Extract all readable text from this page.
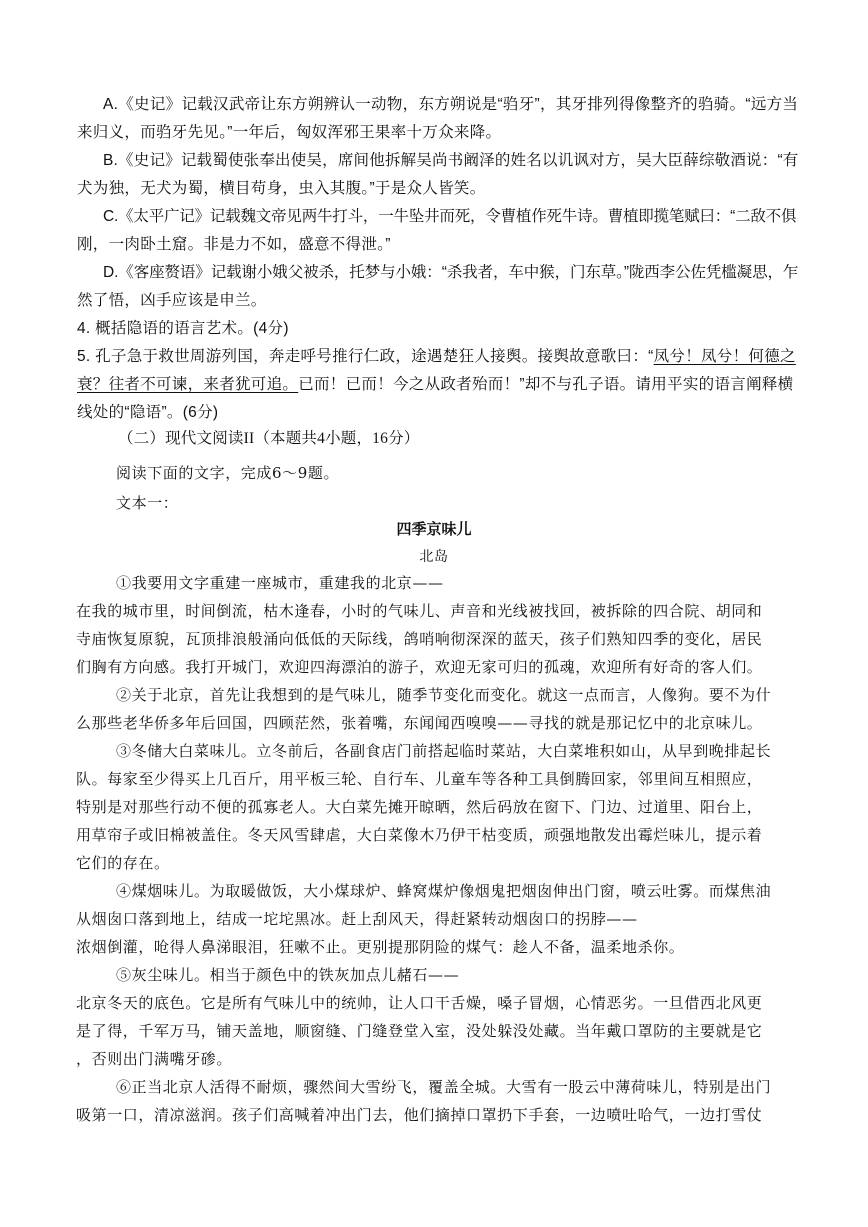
A.《史记》记载汉武帝让东方朔辨认一动物，东方朔说是“驺牙”，其牙排列得像整齐的驺骑。“远方当
来归义，而驺牙先见。”一年后，匈奴浑邪王果率十万众来降。
B.《史记》记载蜀使张奉出使吴，席间他拆解吴尚书阚泽的姓名以讥讽对方，吴大臣薛综敬酒说：“有
犬为独，无犬为蜀，横目苟身，虫入其腹。”于是众人皆笑。
C.《太平广记》记载魏文帝见两牛打斗，一牛坠井而死，令曹植作死牛诗。曹植即揽笔赋曰：“二敌不俱
刚，一肉卧土窟。非是力不如，盛意不得泄。”
D.《客座赘语》记载谢小娥父被杀，托梦与小娥：“杀我者，车中猴，门东草。”陇西李公佐凭槛凝思，乍
然了悟，凶手应该是申兰。
4. 概括隐语的语言艺术。(4分)
5. 孔子急于救世周游列国，奔走呼号推行仁政，途遇楚狂人接舆。接舆故意歌曰：“凤兮！凤兮！何德之
衰？往者不可谏，来者犹可追。已而！已而！今之从政者殆而！”却不与孔子语。请用平实的语言阐释横
线处的“隐语”。(6分)
（二）现代文阅读II（本题共4小题，16分）
阅读下面的文字，完成6～9题。
文本一：
四季京味儿
北岛
①我要用文字重建一座城市，重建我的北京——
在我的城市里，时间倒流，枯木逢春，小时的气味儿、声音和光线被找回，被拆除的四合院、胡同和
寺庙恢复原貌，瓦顶排浪般涌向低低的天际线，鸽哨响彻深深的蓝天，孩子们熟知四季的变化，居民
们胸有方向感。我打开城门，欢迎四海漂泊的游子，欢迎无家可归的孤魂，欢迎所有好奇的客人们。
②关于北京，首先让我想到的是气味儿，随季节变化而变化。就这一点而言，人像狗。要不为什
么那些老华侨多年后回国，四顾茫然，张着嘴，东闻闻西嗅嗅——寻找的就是那记忆中的北京味儿。
③冬储大白菜味儿。立冬前后，各副食店门前搭起临时菜站，大白菜堆积如山，从早到晚排起长
队。每家至少得买上几百斤，用平板三轮、自行车、儿童车等各种工具倒腾回家，邻里间互相照应，
特别是对那些行动不便的孤寡老人。大白菜先摊开晾晒，然后码放在窗下、门边、过道里、阳台上，
用草帘子或旧棉被盖住。冬天风雪肆虐，大白菜像木乃伊干枯变质，顽强地散发出霉烂味儿，提示着
它们的存在。
④煤烟味儿。为取暖做饭，大小煤球炉、蜂窝煤炉像烟鬼把烟囱伸出门窗，喷云吐雾。而煤焦油
从烟囱口落到地上，结成一坨坨黑冰。赶上刮风天，得赶紧转动烟囱口的拐脖——
浓烟倒灌，呛得人鼻涕眼泪，狂嗽不止。更别提那阴险的煤气：趁人不备，温柔地杀你。
⑤灰尘味儿。相当于颜色中的铁灰加点儿赭石——
北京冬天的底色。它是所有气味儿中的统帅，让人口干舌燥，嗓子冒烟，心情恶劣。一旦借西北风更
是了得，千军万马，铺天盖地，顺窗缝、门缝登堂入室，没处躲没处藏。当年戴口罩防的主要就是它
，否则出门满嘴牙碜。
⑥正当北京人活得不耐烦，骤然间大雪纷飞，覆盖全城。大雪有一股云中薄荷味儿，特别是出门
吸第一口，清凉滋润。孩子们高喊着冲出门去，他们摘掉口罩扔下手套，一边喷吐哈气，一边打雪仗
